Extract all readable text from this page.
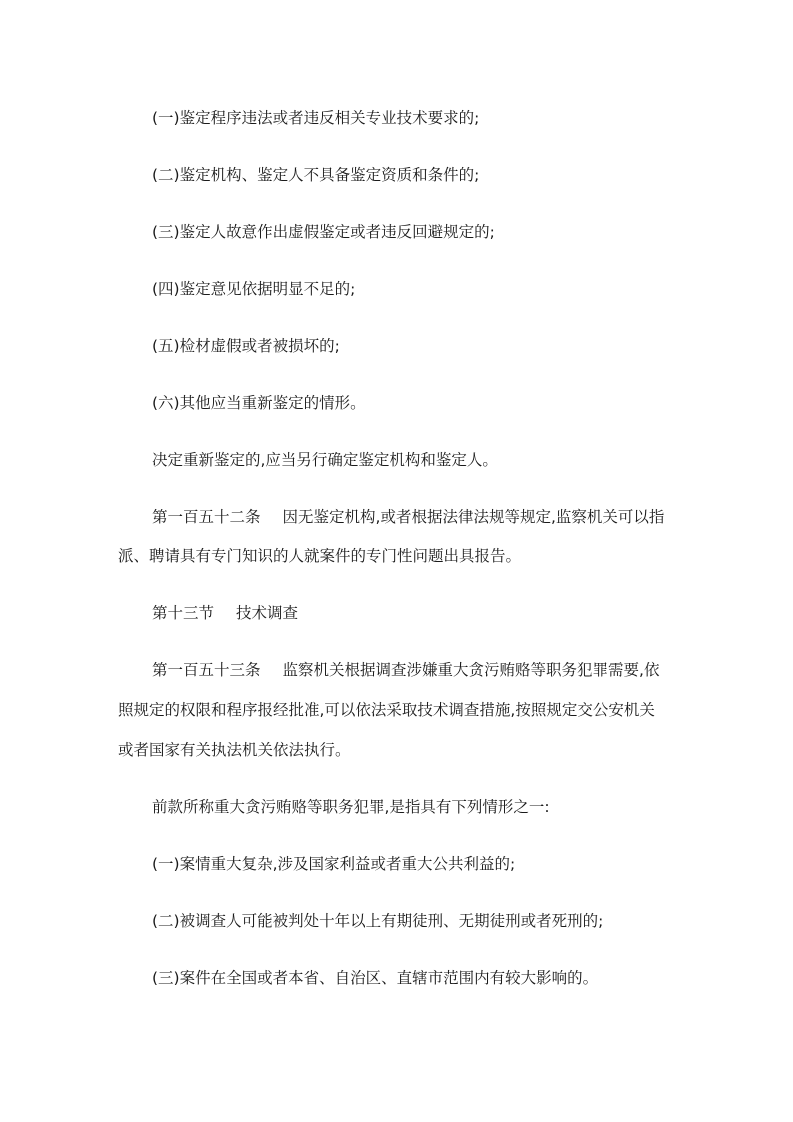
(一)鉴定程序违法或者违反相关专业技术要求的;
(二)鉴定机构、鉴定人不具备鉴定资质和条件的;
(三)鉴定人故意作出虚假鉴定或者违反回避规定的;
(四)鉴定意见依据明显不足的;
(五)检材虚假或者被损坏的;
(六)其他应当重新鉴定的情形。
决定重新鉴定的,应当另行确定鉴定机构和鉴定人。
第一百五十二条 因无鉴定机构,或者根据法律法规等规定,监察机关可以指
派、聘请具有专门知识的人就案件的专门性问题出具报告。
第十三节 技术调查
第一百五十三条 监察机关根据调查涉嫌重大贪污贿赂等职务犯罪需要,依
照规定的权限和程序报经批准,可以依法采取技术调查措施,按照规定交公安机关
或者国家有关执法机关依法执行。
前款所称重大贪污贿赂等职务犯罪,是指具有下列情形之一:
(一)案情重大复杂,涉及国家利益或者重大公共利益的;
(二)被调查人可能被判处十年以上有期徒刑、无期徒刑或者死刑的;
(三)案件在全国或者本省、自治区、直辖市范围内有较大影响的。
